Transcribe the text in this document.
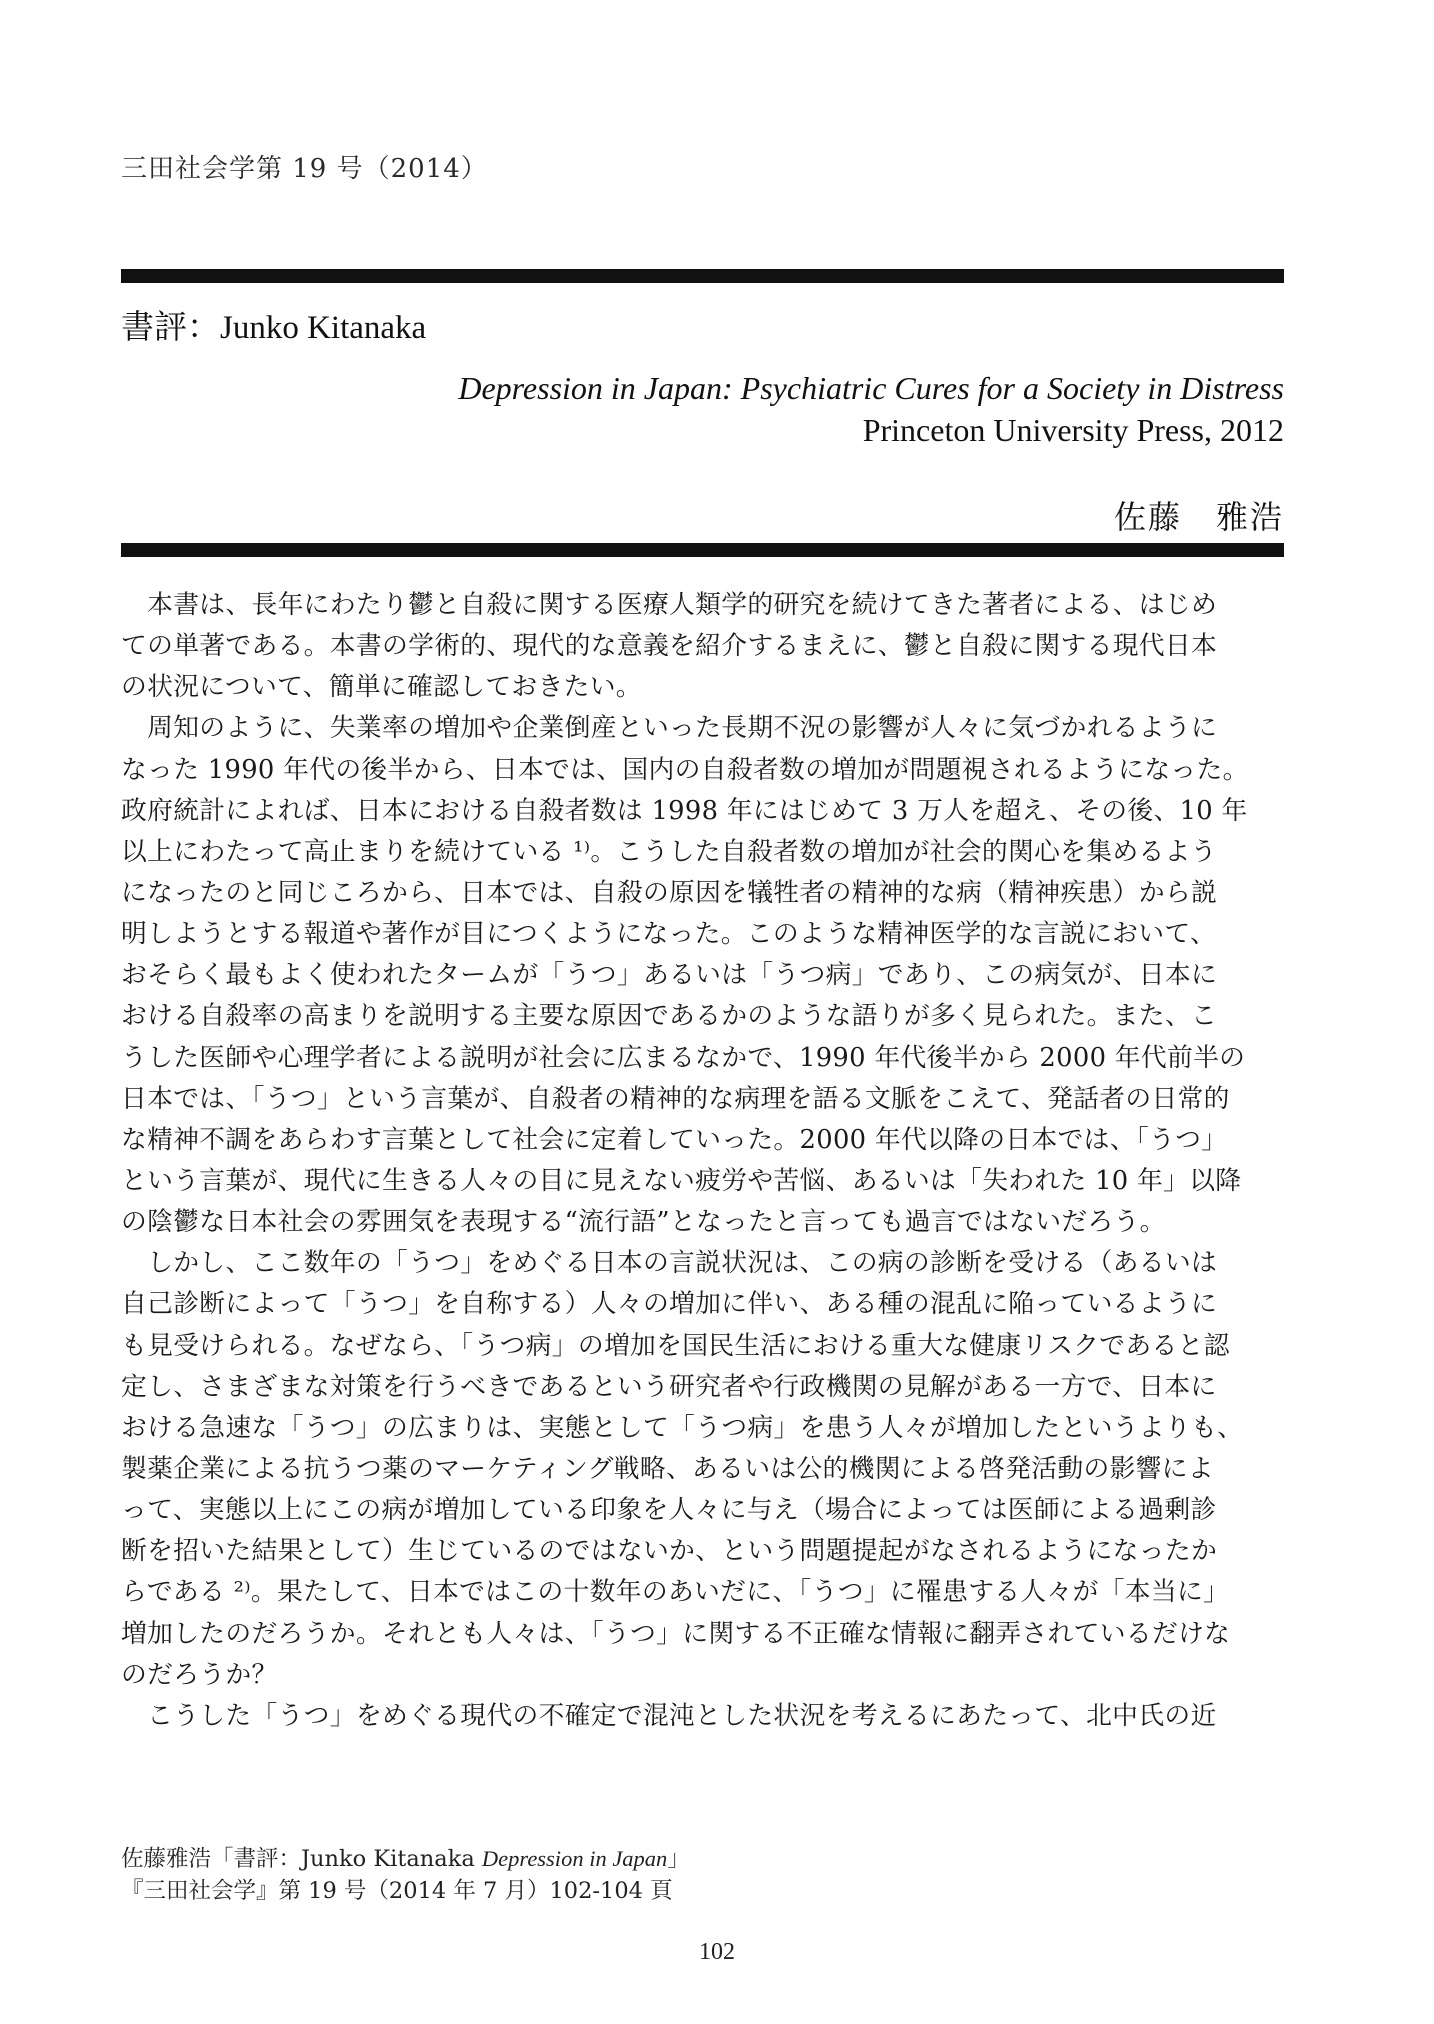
三田社会学第 19 号（2014）
書評：Junko Kitanaka
Depression in Japan: Psychiatric Cures for a Society in Distress
Princeton University Press, 2012
佐藤　雅浩
　本書は、長年にわたり鬱と自殺に関する医療人類学的研究を続けてきた著者による、はじめ
ての単著である。本書の学術的、現代的な意義を紹介するまえに、鬱と自殺に関する現代日本
の状況について、簡単に確認しておきたい。
　周知のように、失業率の増加や企業倒産といった長期不況の影響が人々に気づかれるように
なった 1990 年代の後半から、日本では、国内の自殺者数の増加が問題視されるようになった。
政府統計によれば、日本における自殺者数は 1998 年にはじめて 3 万人を超え、その後、10 年
以上にわたって高止まりを続けている ¹⁾。こうした自殺者数の増加が社会的関心を集めるよう
になったのと同じころから、日本では、自殺の原因を犠牲者の精神的な病（精神疾患）から説
明しようとする報道や著作が目につくようになった。このような精神医学的な言説において、
おそらく最もよく使われたタームが「うつ」あるいは「うつ病」であり、この病気が、日本に
おける自殺率の高まりを説明する主要な原因であるかのような語りが多く見られた。また、こ
うした医師や心理学者による説明が社会に広まるなかで、1990 年代後半から 2000 年代前半の
日本では、「うつ」という言葉が、自殺者の精神的な病理を語る文脈をこえて、発話者の日常的
な精神不調をあらわす言葉として社会に定着していった。2000 年代以降の日本では、「うつ」
という言葉が、現代に生きる人々の目に見えない疲労や苦悩、あるいは「失われた 10 年」以降
の陰鬱な日本社会の雰囲気を表現する“流行語”となったと言っても過言ではないだろう。
　しかし、ここ数年の「うつ」をめぐる日本の言説状況は、この病の診断を受ける（あるいは
自己診断によって「うつ」を自称する）人々の増加に伴い、ある種の混乱に陥っているように
も見受けられる。なぜなら、「うつ病」の増加を国民生活における重大な健康リスクであると認
定し、さまざまな対策を行うべきであるという研究者や行政機関の見解がある一方で、日本に
おける急速な「うつ」の広まりは、実態として「うつ病」を患う人々が増加したというよりも、
製薬企業による抗うつ薬のマーケティング戦略、あるいは公的機関による啓発活動の影響によ
って、実態以上にこの病が増加している印象を人々に与え（場合によっては医師による過剰診
断を招いた結果として）生じているのではないか、という問題提起がなされるようになったか
らである ²⁾。果たして、日本ではこの十数年のあいだに、「うつ」に罹患する人々が「本当に」
増加したのだろうか。それとも人々は、「うつ」に関する不正確な情報に翻弄されているだけな
のだろうか？
　こうした「うつ」をめぐる現代の不確定で混沌とした状況を考えるにあたって、北中氏の近
佐藤雅浩「書評：Junko Kitanaka Depression in Japan」
『三田社会学』第 19 号（2014 年 7 月）102-104 頁
102
